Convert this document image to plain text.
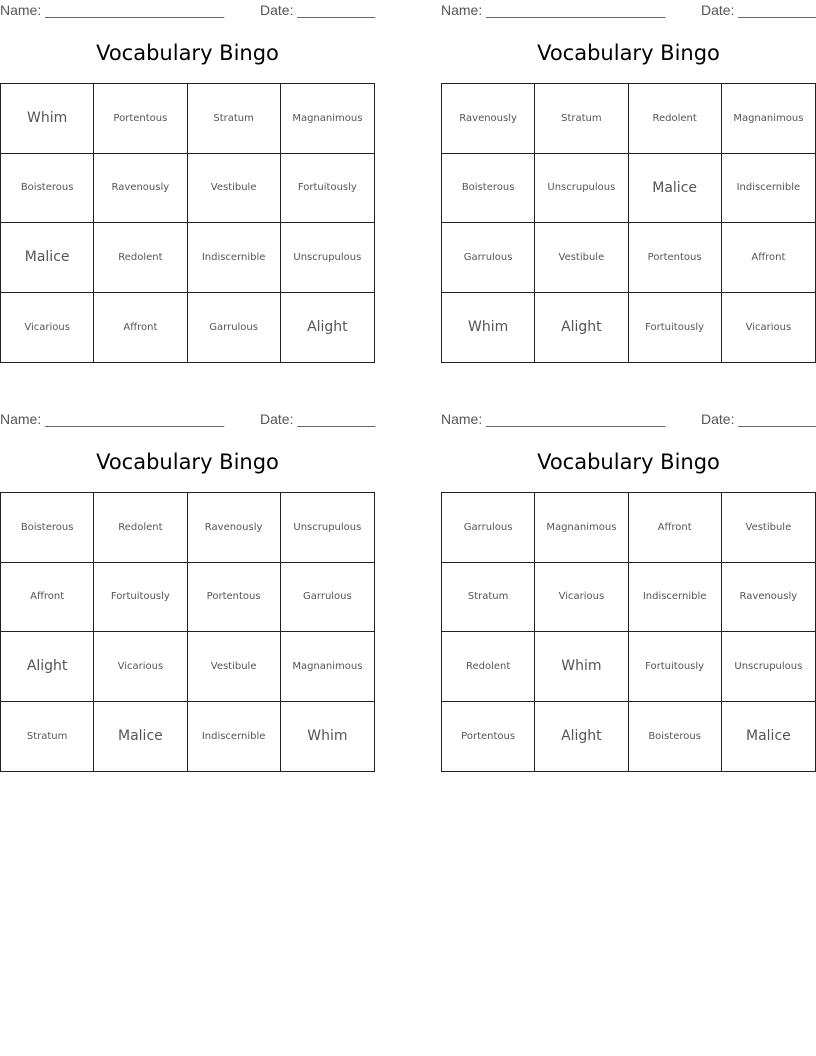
Name: _______________________	Date: __________
Vocabulary Bingo
Whim	Portentous	Stratum	Magnanimous
Boisterous	Ravenously	Vestibule	Fortuitously
Malice	Redolent	Indiscernible	Unscrupulous
Vicarious	Affront	Garrulous	Alight
Name: _______________________	Date: __________
Vocabulary Bingo
Ravenously	Stratum	Redolent	Magnanimous
Boisterous	Unscrupulous	Malice	Indiscernible
Garrulous	Vestibule	Portentous	Affront
Whim	Alight	Fortuitously	Vicarious
Name: _______________________	Date: __________
Vocabulary Bingo
Boisterous	Redolent	Ravenously	Unscrupulous
Affront	Fortuitously	Portentous	Garrulous
Alight	Vicarious	Vestibule	Magnanimous
Stratum	Malice	Indiscernible	Whim
Name: _______________________	Date: __________
Vocabulary Bingo
Garrulous	Magnanimous	Affront	Vestibule
Stratum	Vicarious	Indiscernible	Ravenously
Redolent	Whim	Fortuitously	Unscrupulous
Portentous	Alight	Boisterous	Malice
